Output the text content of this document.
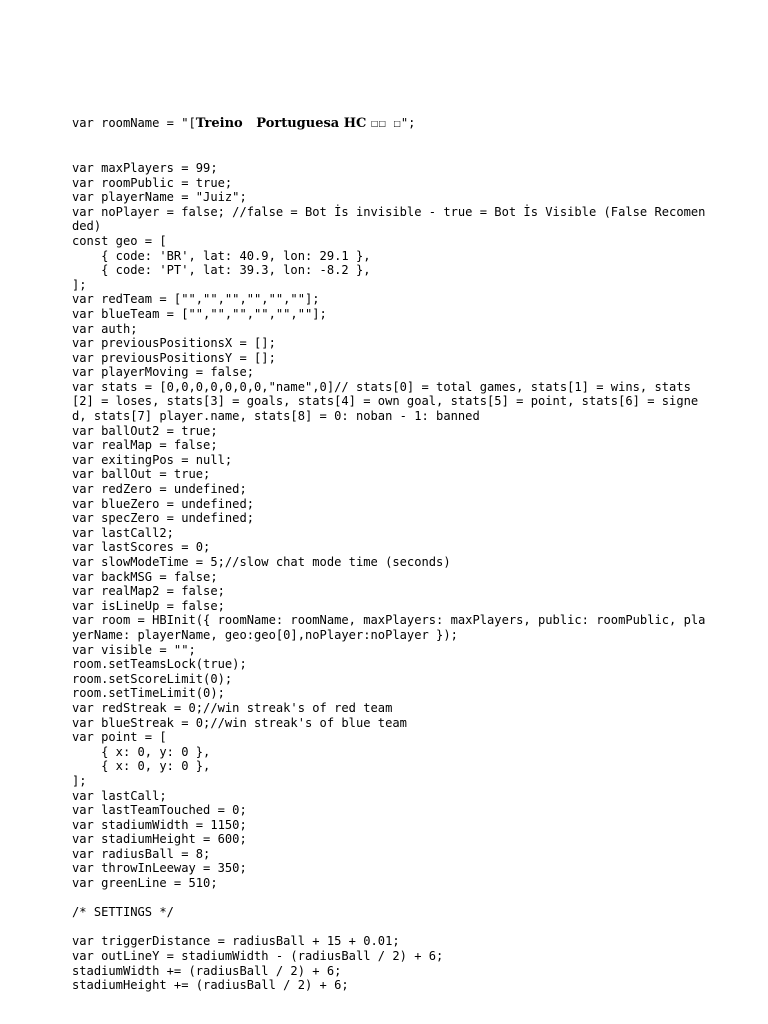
var roomName = "[Treino   Portuguesa HC □□ □";

var maxPlayers = 99;
var roomPublic = true;
var playerName = "Juiz";
var noPlayer = false; //false = Bot İs invisible - true = Bot İs Visible (False Recomended)
const geo = [
{ code: 'BR', lat: 40.9, lon: 29.1 },
{ code: 'PT', lat: 39.3, lon: -8.2 },
];
var redTeam = ["","","","","",""];
var blueTeam = ["","","","","",""];
var auth;
var previousPositionsX = [];
var previousPositionsY = [];
var playerMoving = false;
var stats = [0,0,0,0,0,0,0,"name",0]// stats[0] = total games, stats[1] = wins, stats[2] = loses, stats[3] = goals, stats[4] = own goal, stats[5] = point, stats[6] = signed, stats[7] player.name, stats[8] = 0: noban - 1: banned
var ballOut2 = true;
var realMap = false;
var exitingPos = null;
var ballOut = true;
var redZero = undefined;
var blueZero = undefined;
var specZero = undefined;
var lastCall2;
var lastScores = 0;
var slowModeTime = 5;//slow chat mode time (seconds)
var backMSG = false;
var realMap2 = false;
var isLineUp = false;
var room = HBInit({ roomName: roomName, maxPlayers: maxPlayers, public: roomPublic, playerName: playerName, geo:geo[0],noPlayer:noPlayer });
var visible = "";
room.setTeamsLock(true);
room.setScoreLimit(0);
room.setTimeLimit(0);
var redStreak = 0;//win streak's of red team
var blueStreak = 0;//win streak's of blue team
var point = [
{ x: 0, y: 0 },
{ x: 0, y: 0 },
];
var lastCall;
var lastTeamTouched = 0;
var stadiumWidth = 1150;
var stadiumHeight = 600;
var radiusBall = 8;
var throwInLeeway = 350;
var greenLine = 510;
/* SETTINGS */
var triggerDistance = radiusBall + 15 + 0.01;
var outLineY = stadiumWidth - (radiusBall / 2) + 6;
stadiumWidth += (radiusBall / 2) + 6;
stadiumHeight += (radiusBall / 2) + 6;
